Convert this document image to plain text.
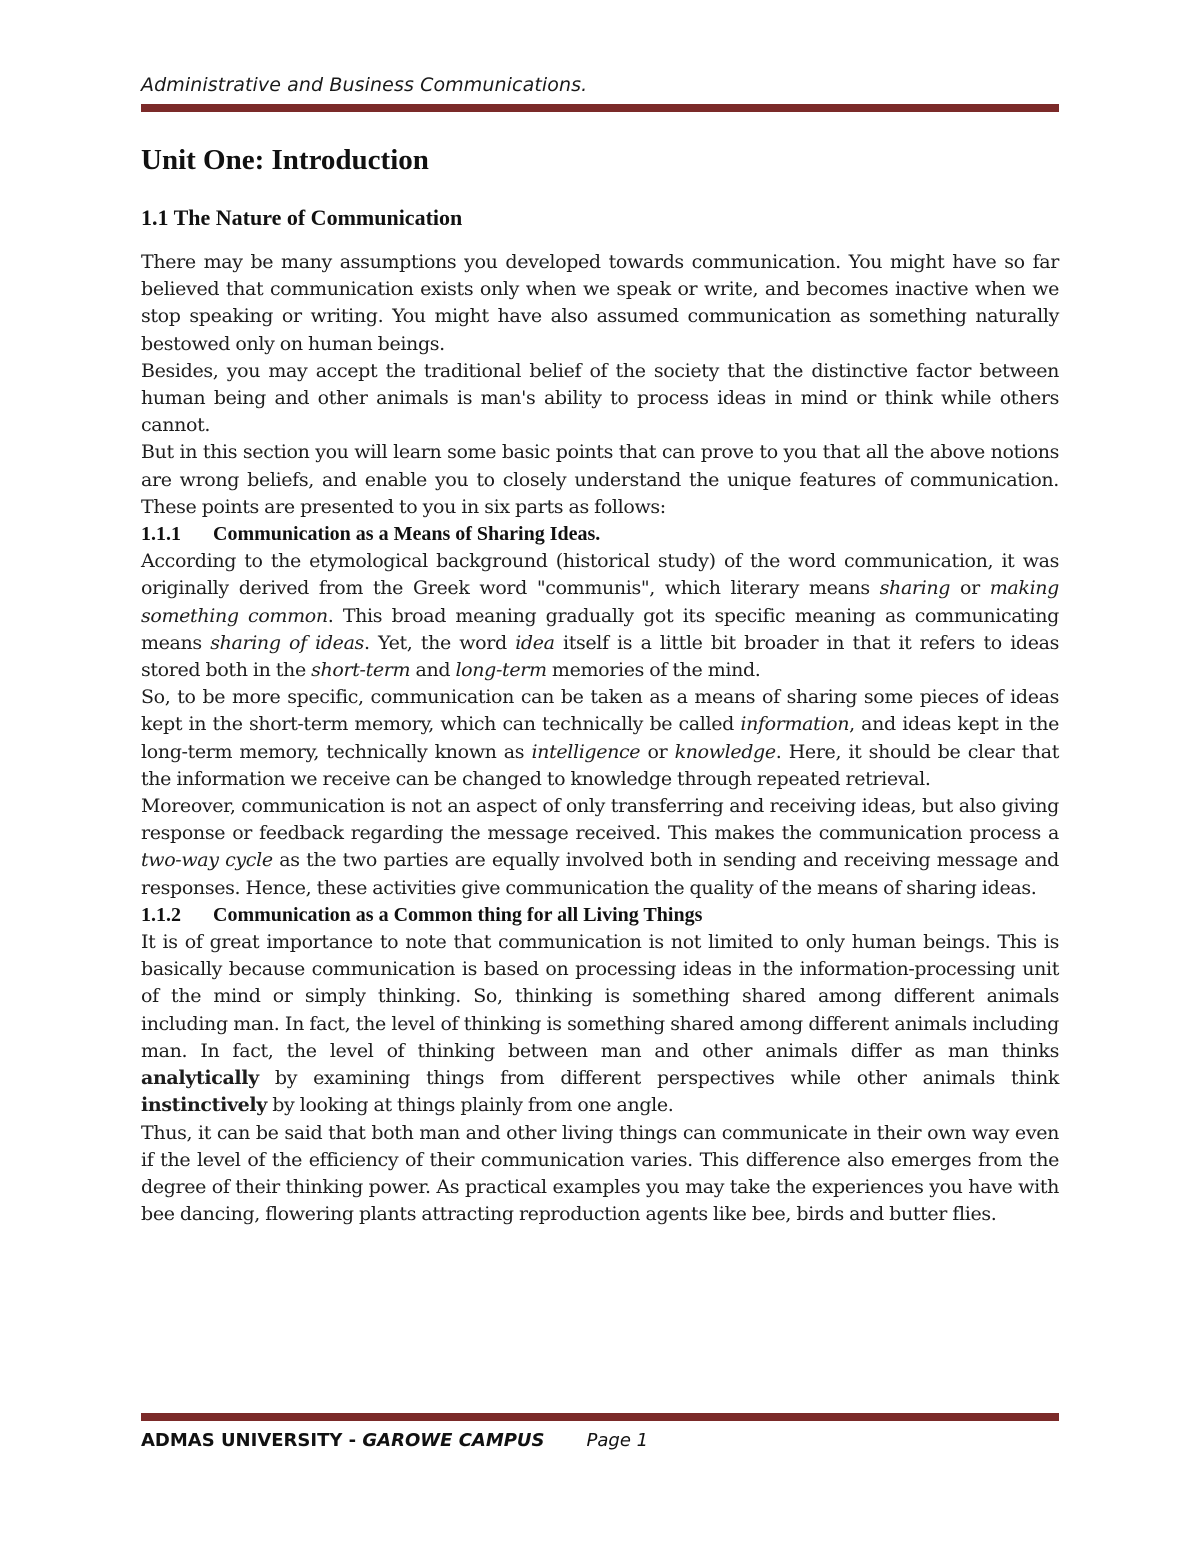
Administrative and Business Communications.
Unit One: Introduction
1.1 The Nature of Communication

There may be many assumptions you developed towards communication. You might have so far believed that communication exists only when we speak or write, and becomes inactive when we stop speaking or writing. You might have also assumed communication as something naturally bestowed only on human beings.

Besides, you may accept the traditional belief of the society that the distinctive factor between human being and other animals is man's ability to process ideas in mind or think while others cannot.

But in this section you will learn some basic points that can prove to you that all the above notions are wrong beliefs, and enable you to closely understand the unique features of communication. These points are presented to you in six parts as follows:

1.1.1	Communication as a Means of Sharing Ideas.

According to the etymological background (historical study) of the word communication, it was originally derived from the Greek word "communis", which literary means sharing or making something common. This broad meaning gradually got its specific meaning as communicating means sharing of ideas. Yet, the word idea itself is a little bit broader in that it refers to ideas stored both in the short-term and long-term memories of the mind.

So, to be more specific, communication can be taken as a means of sharing some pieces of ideas kept in the short-term memory, which can technically be called information, and ideas kept in the long-term memory, technically known as intelligence or knowledge. Here, it should be clear that the information we receive can be changed to knowledge through repeated retrieval.

Moreover, communication is not an aspect of only transferring and receiving ideas, but also giving response or feedback regarding the message received. This makes the communication process a two-way cycle as the two parties are equally involved both in sending and receiving message and responses. Hence, these activities give communication the quality of the means of sharing ideas.

1.1.2	Communication as a Common thing for all Living Things

It is of great importance to note that communication is not limited to only human beings. This is basically because communication is based on processing ideas in the information-processing unit of the mind or simply thinking. So, thinking is something shared among different animals including man. In fact, the level of thinking is something shared among different animals including man. In fact, the level of thinking between man and other animals differ as man thinks analytically by examining things from different perspectives while other animals think instinctively by looking at things plainly from one angle.

Thus, it can be said that both man and other living things can communicate in their own way even if the level of the efficiency of their communication varies. This difference also emerges from the degree of their thinking power. As practical examples you may take the experiences you have with bee dancing, flowering plants attracting reproduction agents like bee, birds and butter flies.

ADMAS UNIVERSITY - GAROWE CAMPUS Page 1
